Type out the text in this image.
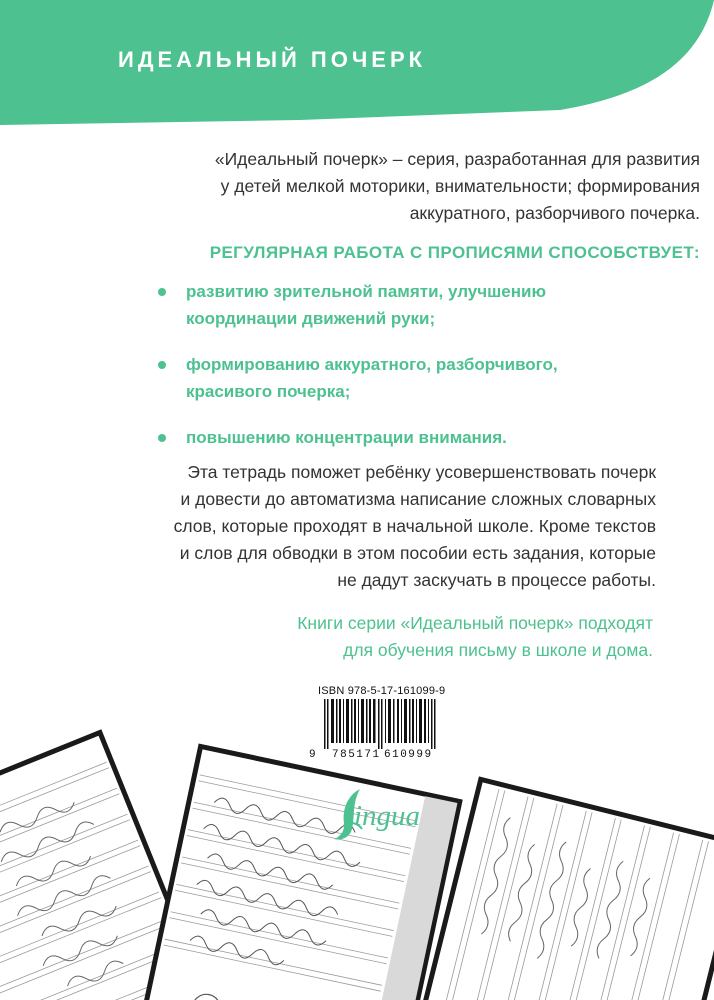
ИДЕАЛЬНЫЙ ПОЧЕРК
«Идеальный почерк» – серия, разработанная для развития
у детей мелкой моторики, внимательности; формирования
аккуратного, разборчивого почерка.
РЕГУЛЯРНАЯ РАБОТА С ПРОПИСЯМИ СПОСОБСТВУЕТ:
развитию зрительной памяти, улучшению
координации движений руки;
формированию аккуратного, разборчивого,
красивого почерка;
повышению концентрации внимания.
Эта тетрадь поможет ребёнку усовершенствовать почерк
и довести до автоматизма написание сложных словарных
слов, которые проходят в начальной школе. Кроме текстов
и слов для обводки в этом пособии есть задания, которые
не дадут заскучать в процессе работы.
Книги серии «Идеальный почерк» подходят
для обучения письму в школе и дома.
ISBN 978-5-17-161099-9
9 785171 610999
ingua
